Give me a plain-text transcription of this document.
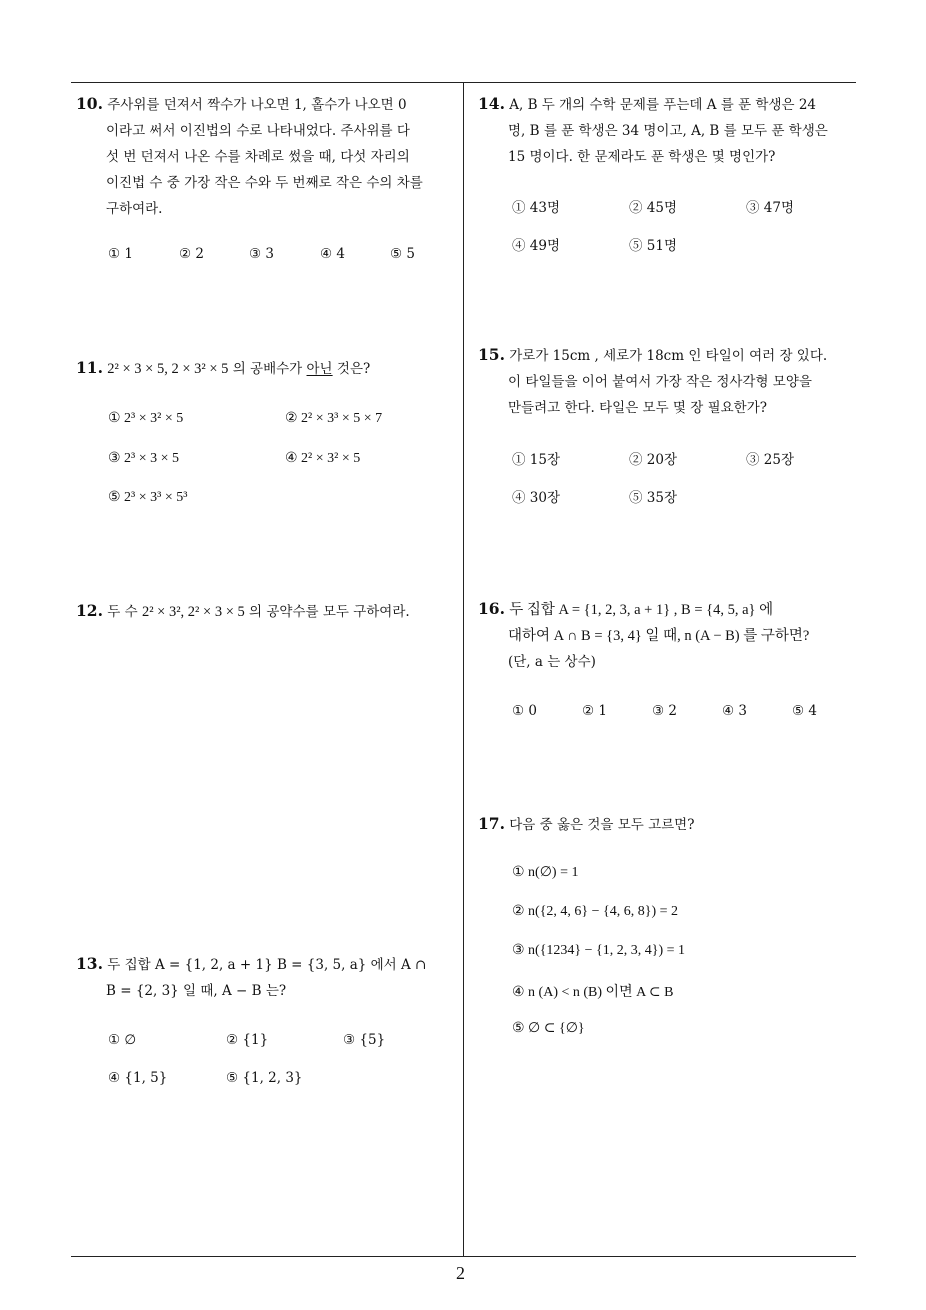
10. 주사위를 던져서 짝수가 나오면 1, 홀수가 나오면 0
이라고 써서 이진법의 수로 나타내었다. 주사위를 다
섯 번 던져서 나온 수를 차례로 썼을 때, 다섯 자리의
이진법 수 중 가장 작은 수와 두 번째로 작은 수의 차를
구하여라.
① 1	② 2	③ 3	④ 4	⑤ 5
11. 2² × 3 × 5, 2 × 3² × 5 의 공배수가 아닌 것은?
① 2³ × 3² × 5	② 2² × 3³ × 5 × 7
③ 2³ × 3 × 5	④ 2² × 3² × 5
⑤ 2³ × 3³ × 5³
12. 두 수 2² × 3², 2² × 3 × 5 의 공약수를 모두 구하여라.
13. 두 집합 A = {1, 2, a + 1} B = {3, 5, a} 에서 A ∩
B = {2, 3} 일 때, A − B 는?
① ∅	② {1}	③ {5}
④ {1, 5}	⑤ {1, 2, 3}
14. A, B 두 개의 수학 문제를 푸는데 A 를 푼 학생은 24
명, B 를 푼 학생은 34 명이고, A, B 를 모두 푼 학생은
15 명이다. 한 문제라도 푼 학생은 몇 명인가?
① 43명	② 45명	③ 47명
④ 49명	⑤ 51명
15. 가로가 15cm , 세로가 18cm 인 타일이 여러 장 있다.
이 타일들을 이어 붙여서 가장 작은 정사각형 모양을
만들려고 한다. 타일은 모두 몇 장 필요한가?
① 15장	② 20장	③ 25장
④ 30장	⑤ 35장
16. 두 집합 A = {1, 2, 3, a + 1} , B = {4, 5, a} 에
대하여 A ∩ B = {3, 4} 일 때, n (A − B) 를 구하면?
(단, a 는 상수)
① 0	② 1	③ 2	④ 3	⑤ 4
17. 다음 중 옳은 것을 모두 고르면?
① n(∅) = 1
② n({2, 4, 6} − {4, 6, 8}) = 2
③ n({1234} − {1, 2, 3, 4}) = 1
④ n (A) < n (B) 이면 A ⊂ B
⑤ ∅ ⊂ {∅}
2
